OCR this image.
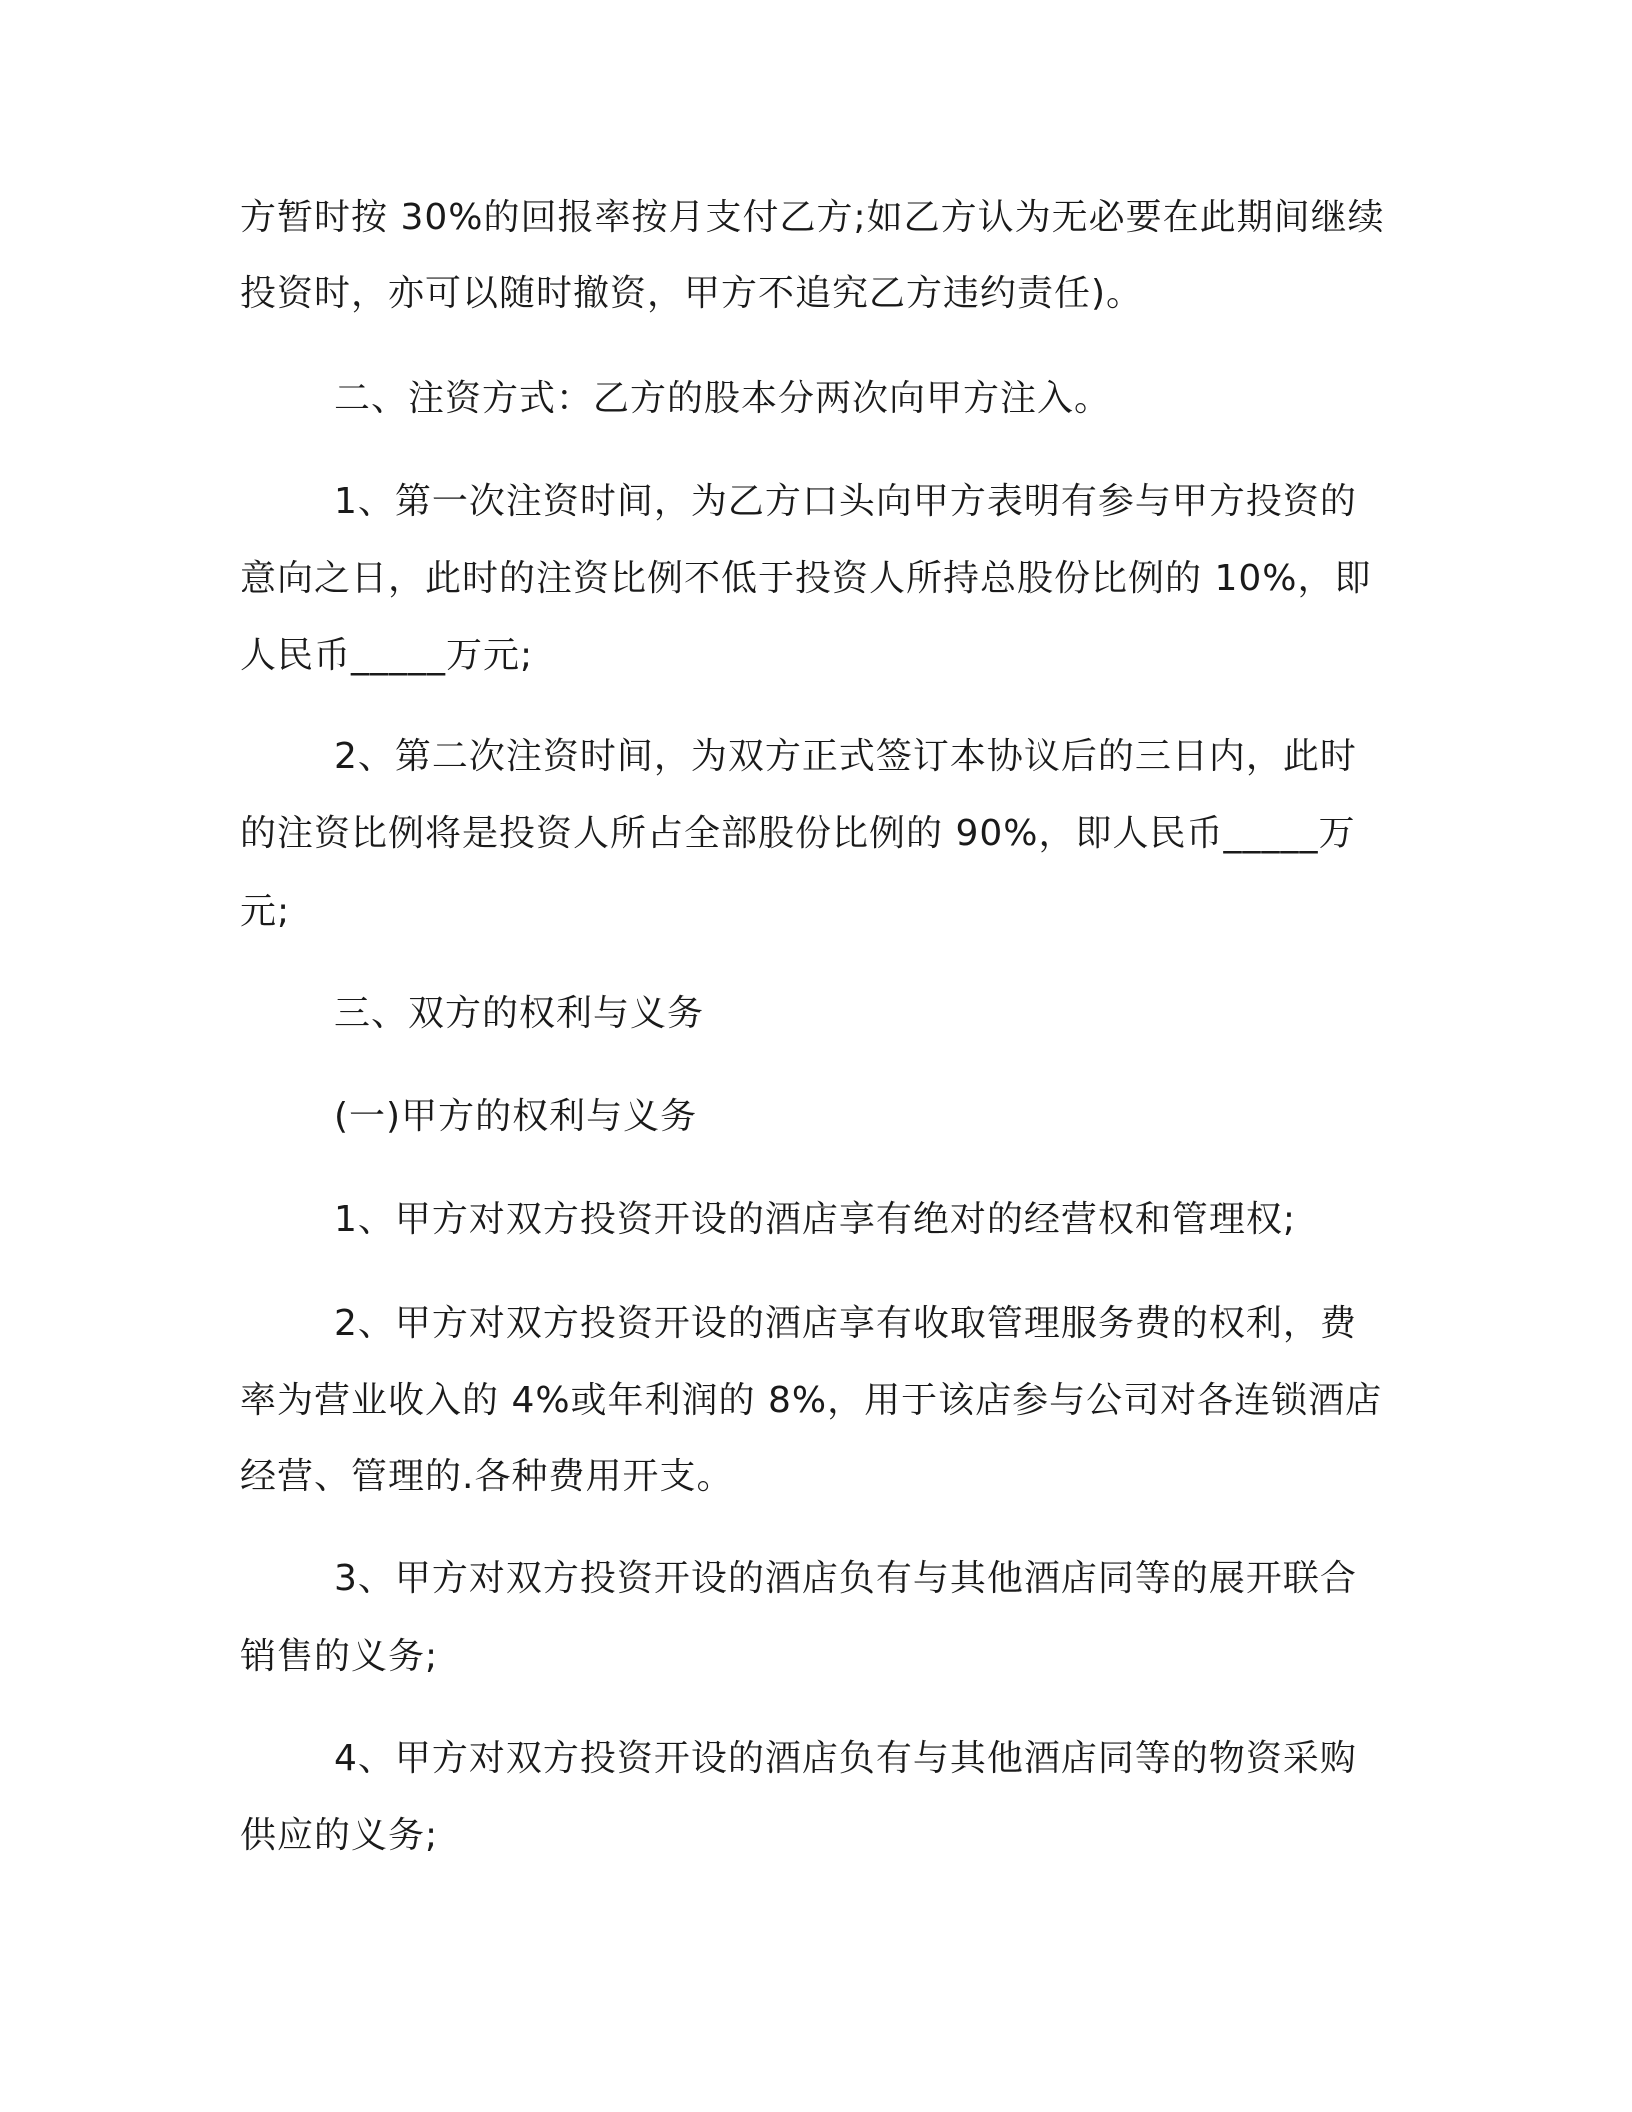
方暂时按 30%的回报率按月支付乙方;如乙方认为无必要在此期间继续
投资时，亦可以随时撤资，甲方不追究乙方违约责任)。
二、注资方式：乙方的股本分两次向甲方注入。
1、第一次注资时间，为乙方口头向甲方表明有参与甲方投资的
意向之日，此时的注资比例不低于投资人所持总股份比例的 10%，即
人民币_____万元;
2、第二次注资时间，为双方正式签订本协议后的三日内，此时
的注资比例将是投资人所占全部股份比例的 90%，即人民币_____万
元;
三、双方的权利与义务
(一)甲方的权利与义务
1、甲方对双方投资开设的酒店享有绝对的经营权和管理权;
2、甲方对双方投资开设的酒店享有收取管理服务费的权利，费
率为营业收入的 4%或年利润的 8%，用于该店参与公司对各连锁酒店
经营、管理的.各种费用开支。
3、甲方对双方投资开设的酒店负有与其他酒店同等的展开联合
销售的义务;
4、甲方对双方投资开设的酒店负有与其他酒店同等的物资采购
供应的义务;
